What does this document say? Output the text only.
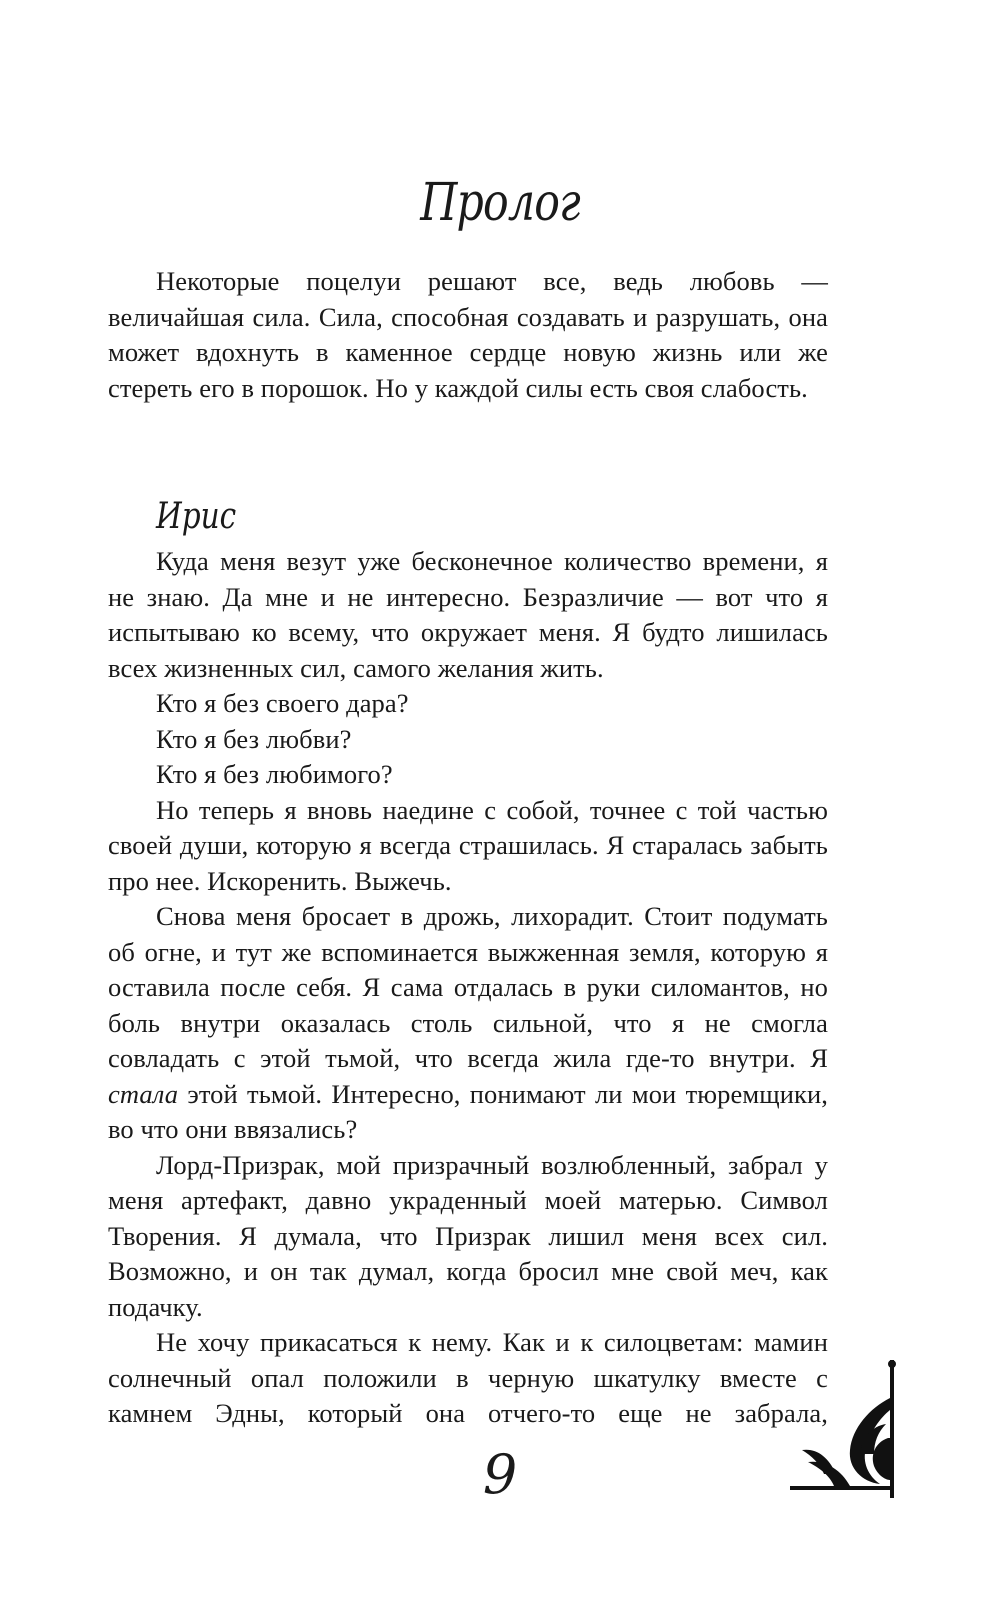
Пролог

Некоторые поцелуи решают все, ведь любовь — величайшая сила. Сила, способная создавать и разрушать, она может вдохнуть в каменное сердце новую жизнь или же стереть его в порошок. Но у каждой силы есть своя слабость.

Ирис

Куда меня везут уже бесконечное количество времени, я не знаю. Да мне и не интересно. Безразличие — вот что я испытываю ко всему, что окружает меня. Я будто лишилась всех жизненных сил, самого желания жить.

Кто я без своего дара?

Кто я без любви?

Кто я без любимого?

Но теперь я вновь наедине с собой, точнее с той частью своей души, которую я всегда страшилась. Я старалась забыть про нее. Искоренить. Выжечь.

Снова меня бросает в дрожь, лихорадит. Стоит подумать об огне, и тут же вспоминается выжженная земля, которую я оставила после себя. Я сама отдалась в руки силомантов, но боль внутри оказалась столь сильной, что я не смогла совладать с этой тьмой, что всегда жила где-то внутри. Я стала этой тьмой. Интересно, понимают ли мои тюремщики, во что они ввязались?

Лорд-Призрак, мой призрачный возлюбленный, забрал у меня артефакт, давно украденный моей матерью. Символ Творения. Я думала, что Призрак лишил меня всех сил. Возможно, и он так думал, когда бросил мне свой меч, как подачку.

Не хочу прикасаться к нему. Как и к силоцветам: мамин солнечный опал положили в черную шкатулку вместе с камнем Эдны, который она отчего-то еще не забрала,

9
